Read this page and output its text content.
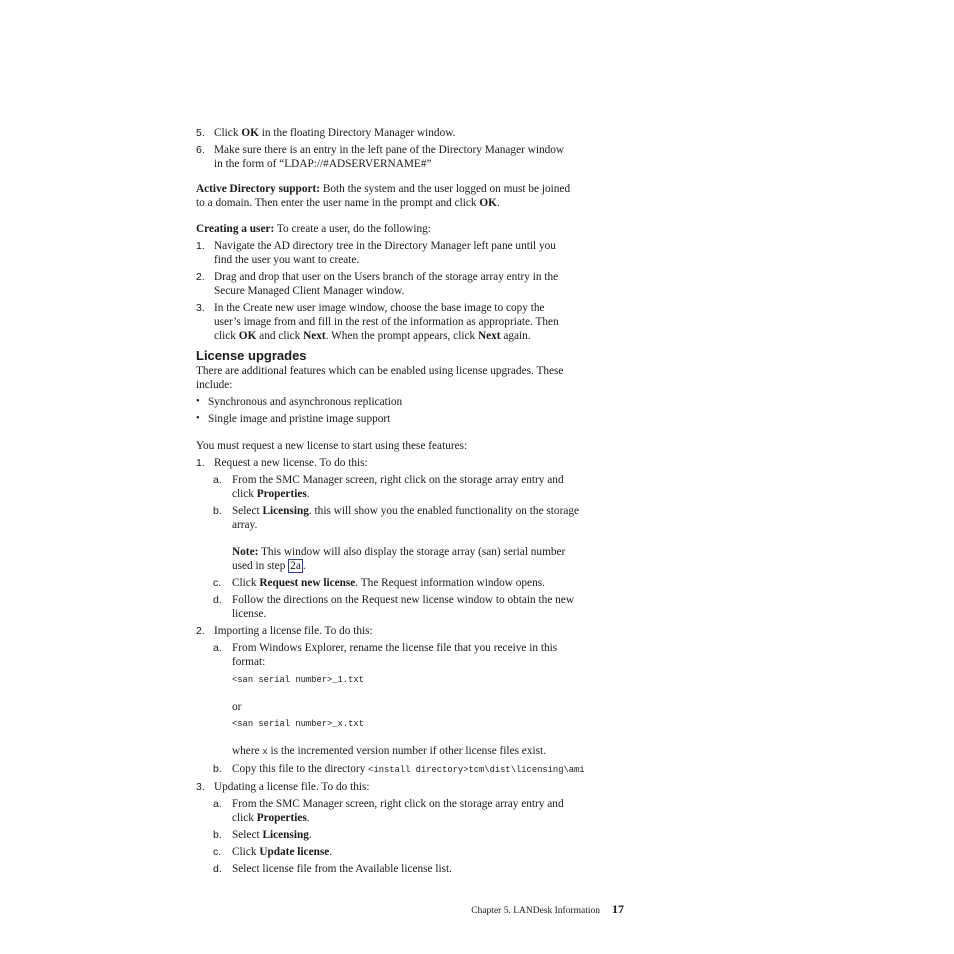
5. Click OK in the floating Directory Manager window.

6. Make sure there is an entry in the left pane of the Directory Manager window
in the form of “LDAP://#ADSERVERNAME#”

Active Directory support: Both the system and the user logged on must be joined
to a domain. Then enter the user name in the prompt and click OK.

Creating a user: To create a user, do the following:

1. Navigate the AD directory tree in the Directory Manager left pane until you
find the user you want to create.

2. Drag and drop that user on the Users branch of the storage array entry in the
Secure Managed Client Manager window.

3. In the Create new user image window, choose the base image to copy the
user’s image from and fill in the rest of the information as appropriate. Then
click OK and click Next. When the prompt appears, click Next again.

License upgrades

There are additional features which can be enabled using license upgrades. These
include:

• Synchronous and asynchronous replication

• Single image and pristine image support

You must request a new license to start using these features:

1. Request a new license. To do this:

a. From the SMC Manager screen, right click on the storage array entry and
click Properties.

b. Select Licensing. this will show you the enabled functionality on the storage
array.

Note: This window will also display the storage array (san) serial number
used in step 2a .

c. Click Request new license. The Request information window opens.

d. Follow the directions on the Request new license window to obtain the new
license.

2. Importing a license file. To do this:

a. From Windows Explorer, rename the license file that you receive in this
format:

<san serial number>_1.txt

or

<san serial number>_x.txt

where x is the incremented version number if other license files exist.

b. Copy this file to the directory <install directory>tcm\dist\licensing\ami

3. Updating a license file. To do this:

a. From the SMC Manager screen, right click on the storage array entry and
click Properties.

b. Select Licensing.

c. Click Update license.

d. Select license file from the Available license list.

Chapter 5. LANDesk Information 17
